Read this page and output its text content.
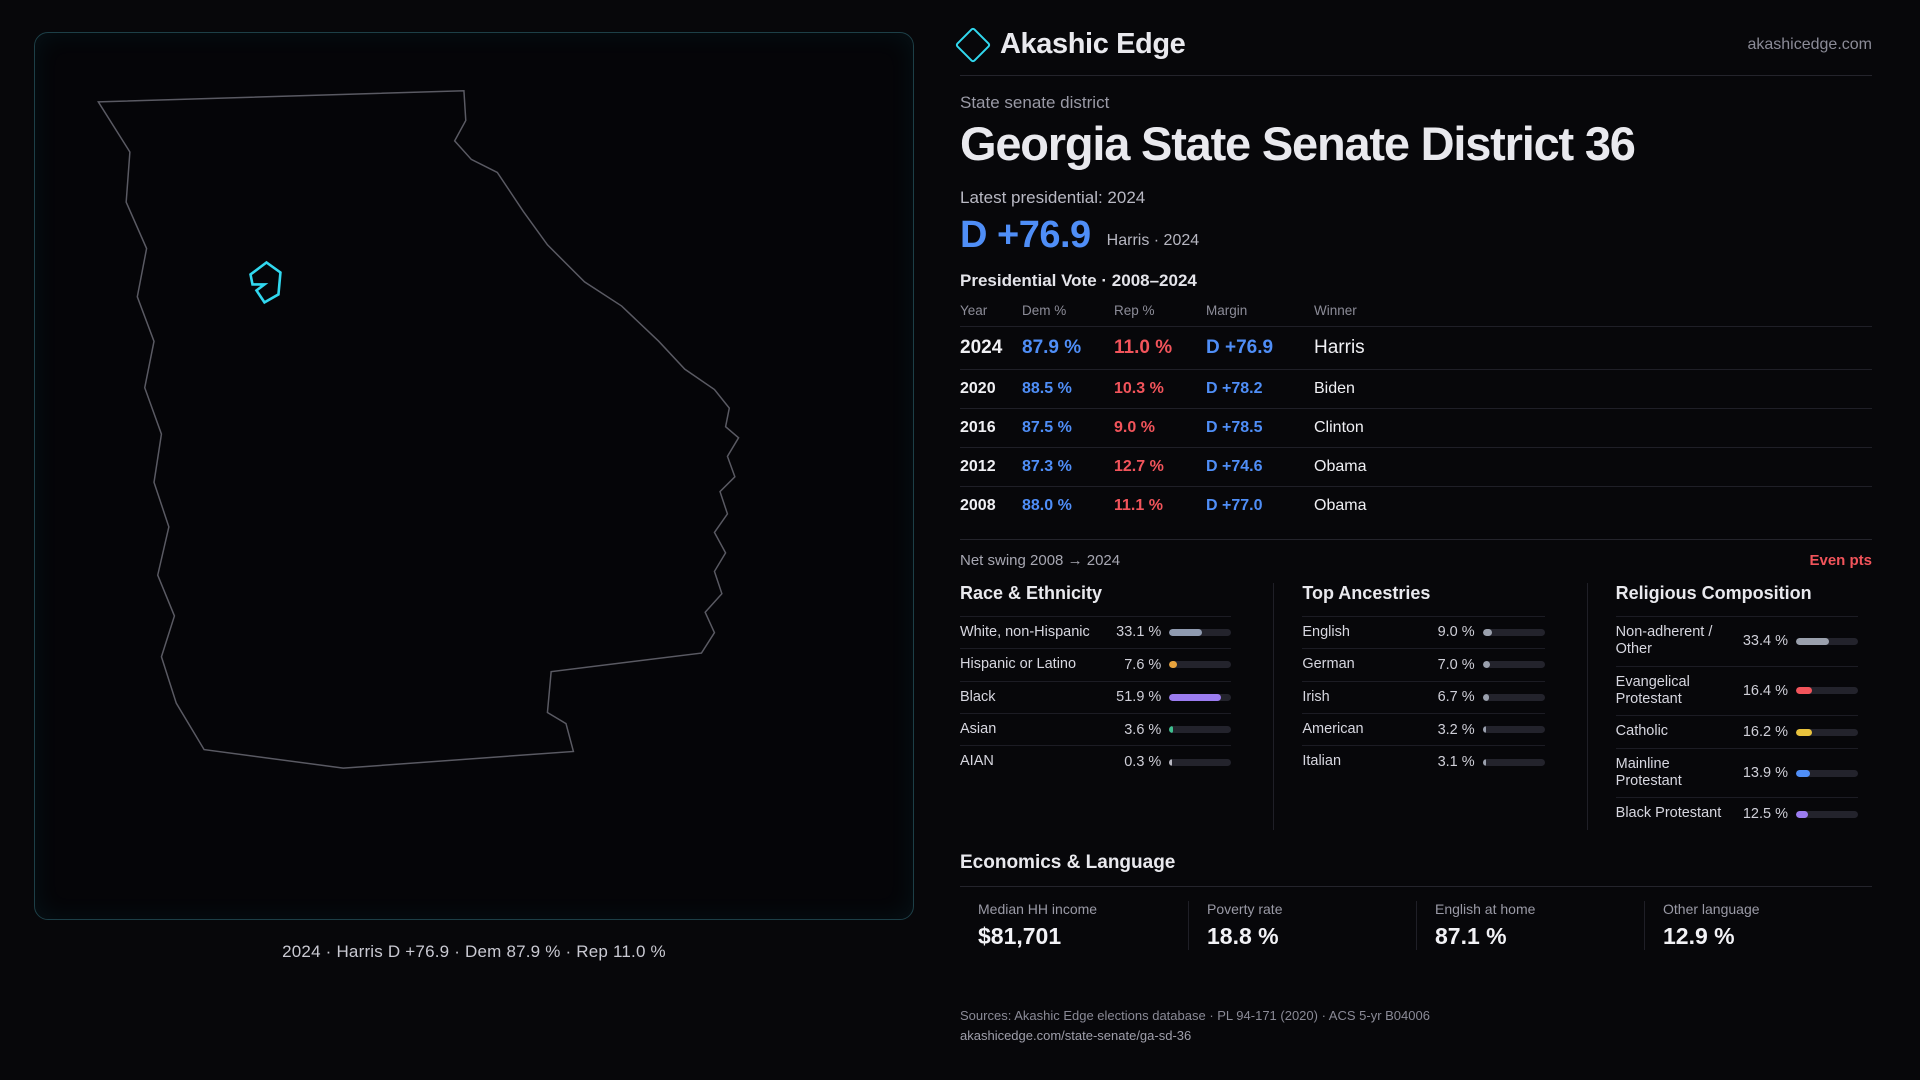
2024 · Harris D +76.9 · Dem 87.9 % · Rep 11.0 %
Akashic Edge	akashicedge.com
State senate district
Georgia State Senate District 36
Latest presidential: 2024
D +76.9 Harris · 2024
Presidential Vote · 2008–2024
Year	Dem %	Rep %	Margin	Winner
2024	87.9 %	11.0 %	D +76.9	Harris
2020	88.5 %	10.3 %	D +78.2	Biden
2016	87.5 %	9.0 %	D +78.5	Clinton
2012	87.3 %	12.7 %	D +74.6	Obama
2008	88.0 %	11.1 %	D +77.0	Obama
Net swing 2008 → 2024	Even pts
Race & Ethnicity
White, non-Hispanic	33.1 %
Hispanic or Latino	7.6 %
Black	51.9 %
Asian	3.6 %
AIAN	0.3 %
Top Ancestries
English	9.0 %
German	7.0 %
Irish	6.7 %
American	3.2 %
Italian	3.1 %
Religious Composition
Non-adherent / Other	33.4 %
Evangelical Protestant	16.4 %
Catholic	16.2 %
Mainline Protestant	13.9 %
Black Protestant	12.5 %
Economics & Language
Median HH income
$81,701
Poverty rate
18.8 %
English at home
87.1 %
Other language
12.9 %
Sources: Akashic Edge elections database · PL 94-171 (2020) · ACS 5-yr B04006
akashicedge.com/state-senate/ga-sd-36
